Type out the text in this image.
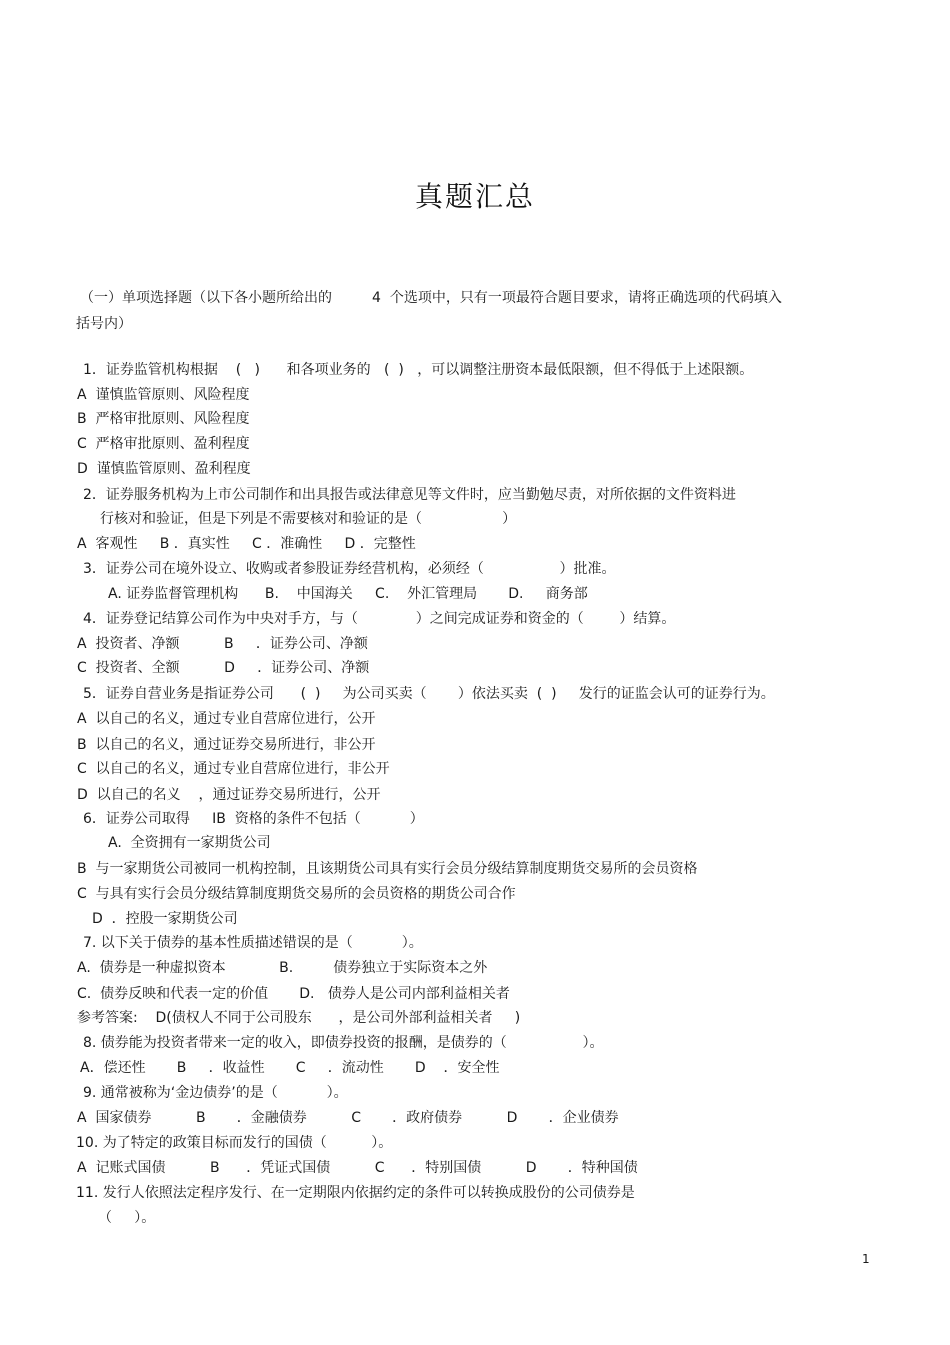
真题汇总
（一）单项选择题（以下各小题所给出的         4  个选项中，只有一项最符合题目要求，请将正确选项的代码填入
括号内）
1．证券监管机构根据    (   )      和各项业务的   (  )   ，可以调整注册资本最低限额，但不得低于上述限额。
A  谨慎监管原则、风险程度
B  严格审批原则、风险程度
C  严格审批原则、盈利程度
D  谨慎监管原则、盈利程度
2．证券服务机构为上市公司制作和出具报告或法律意见等文件时，应当勤勉尽责，对所依据的文件资料进
行核对和验证，但是下列是不需要核对和验证的是（                  ）
A  客观性     B ．真实性     C ．准确性     D ．完整性
3．证券公司在境外设立、收购或者参股证券经营机构，必须经（                 ）批准。
A. 证券监督管理机构      B.    中国海关     C.    外汇管理局       D.     商务部
4．证券登记结算公司作为中央对手方，与（             ）之间完成证券和资金的（        ）结算。
A  投资者、净额          B     ．证券公司、净额
C  投资者、全额          D     ．证券公司、净额
5．证券自营业务是指证券公司      (  )     为公司买卖（       ）依法买卖  (  )     发行的证监会认可的证券行为。
A  以自己的名义，通过专业自营席位进行，公开
B  以自己的名义，通过证券交易所进行，非公开
C  以自己的名义，通过专业自营席位进行，非公开
D  以自己的名义    ，通过证券交易所进行，公开
6．证券公司取得     IB  资格的条件不包括（           ）
A.  全资拥有一家期货公司
B  与一家期货公司被同一机构控制，且该期货公司具有实行会员分级结算制度期货交易所的会员资格
C  与具有实行会员分级结算制度期货交易所的会员资格的期货公司合作
D  ．控股一家期货公司
7. 以下关于债券的基本性质描述错误的是（           ）。
A.  债券是一种虚拟资本            B.         债券独立于实际资本之外
C.  债券反映和代表一定的价值       D.   债券人是公司内部利益相关者
参考答案:    D(债权人不同于公司股东      ，是公司外部利益相关者     )
8. 债券能为投资者带来一定的收入，即债券投资的报酬，是债券的（                 ）。
A．偿还性       B     ．收益性       C     ．流动性       D    ．安全性
9. 通常被称为‘金边债券’的是（           ）。
A  国家债券          B       ．金融债券          C       ．政府债券          D       ．企业债券
10. 为了特定的政策目标而发行的国债（          ）。
A  记账式国债          B      ．凭证式国债          C      ．特别国债          D       ．特种国债
11. 发行人依照法定程序发行、在一定期限内依据约定的条件可以转换成股份的公司债券是
（     ）。
1
